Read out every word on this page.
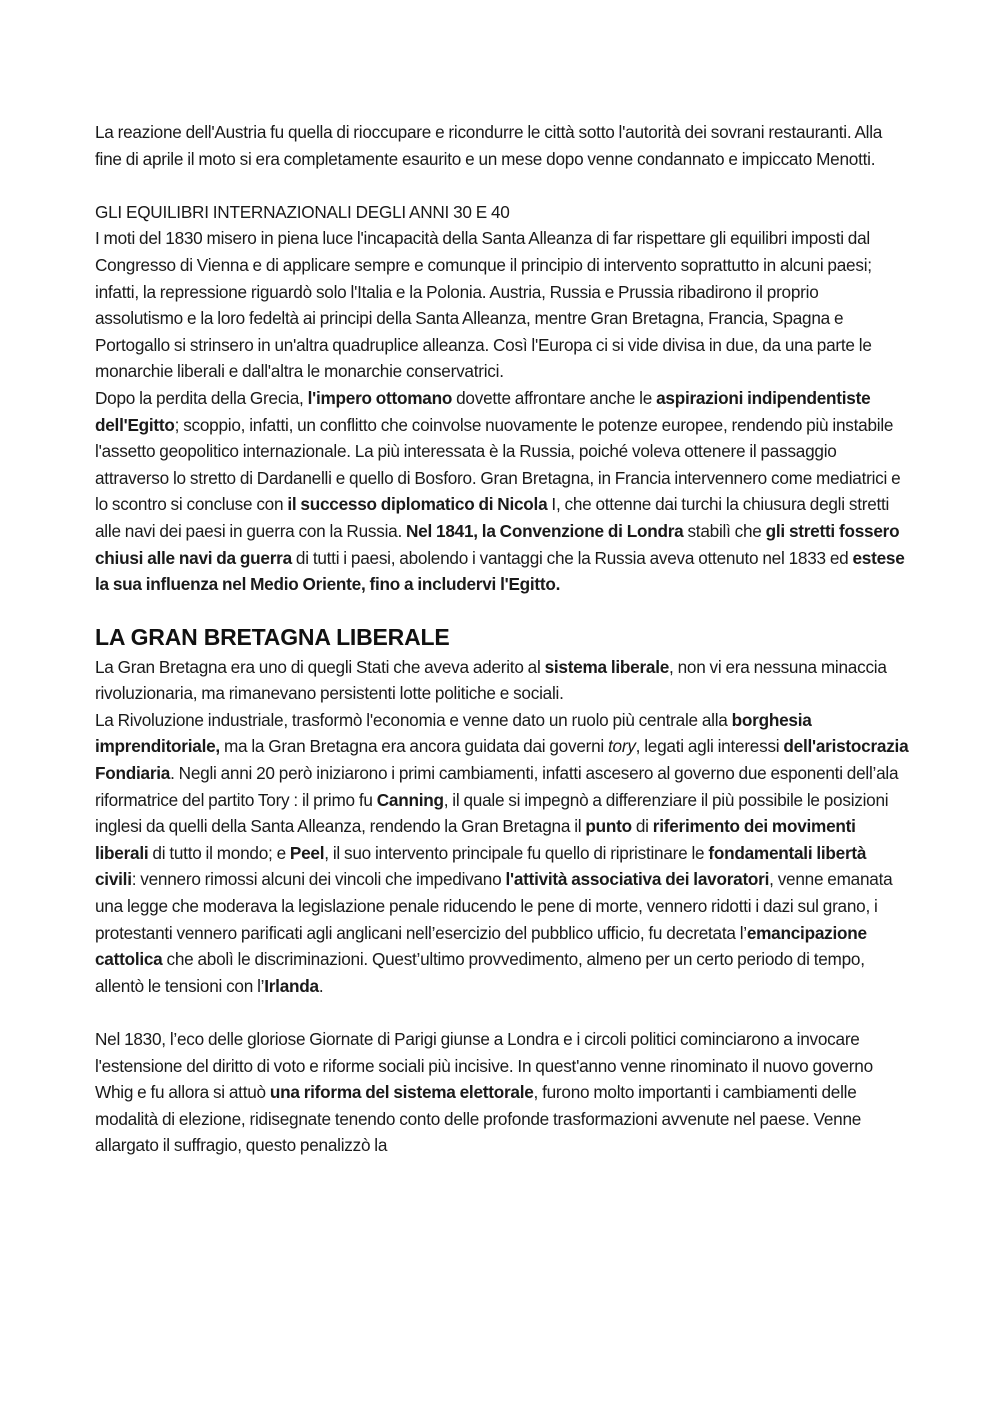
La reazione dell'Austria fu quella di rioccupare e ricondurre le città sotto l'autorità dei sovrani restauranti. Alla fine di aprile il moto si era completamente esaurito e un mese dopo venne condannato e impiccato Menotti.

GLI EQUILIBRI INTERNAZIONALI DEGLI ANNI 30 E 40

I moti del 1830 misero in piena luce l'incapacità della Santa Alleanza di far rispettare gli equilibri imposti dal Congresso di Vienna e di applicare sempre e comunque il principio di intervento soprattutto in alcuni paesi; infatti, la repressione riguardò solo l'Italia e la Polonia. Austria, Russia e Prussia ribadirono il proprio assolutismo e la loro fedeltà ai principi della Santa Alleanza, mentre Gran Bretagna, Francia, Spagna e Portogallo si strinsero in un'altra quadruplice alleanza. Così l'Europa ci si vide divisa in due, da una parte le monarchie liberali e dall'altra le monarchie conservatrici.

Dopo la perdita della Grecia, l'impero ottomano dovette affrontare anche le aspirazioni indipendentiste dell'Egitto; scoppio, infatti, un conflitto che coinvolse nuovamente le potenze europee, rendendo più instabile l'assetto geopolitico internazionale. La più interessata è la Russia, poiché voleva ottenere il passaggio attraverso lo stretto di Dardanelli e quello di Bosforo. Gran Bretagna, in Francia intervennero come mediatrici e lo scontro si concluse con il successo diplomatico di Nicola I, che ottenne dai turchi la chiusura degli stretti alle navi dei paesi in guerra con la Russia. Nel 1841, la Convenzione di Londra stabilì che gli stretti fossero chiusi alle navi da guerra di tutti i paesi, abolendo i vantaggi che la Russia aveva ottenuto nel 1833 ed estese la sua influenza nel Medio Oriente, fino a includervi l'Egitto.

LA GRAN BRETAGNA LIBERALE

La Gran Bretagna era uno di quegli Stati che aveva aderito al sistema liberale, non vi era nessuna minaccia rivoluzionaria, ma rimanevano persistenti lotte politiche e sociali.

La Rivoluzione industriale, trasformò l'economia e venne dato un ruolo più centrale alla borghesia imprenditoriale, ma la Gran Bretagna era ancora guidata dai governi tory, legati agli interessi dell'aristocrazia Fondiaria. Negli anni 20 però iniziarono i primi cambiamenti, infatti ascesero al governo due esponenti dell’ala riformatrice del partito Tory : il primo fu Canning, il quale si impegnò a differenziare il più possibile le posizioni inglesi da quelli della Santa Alleanza, rendendo la Gran Bretagna il punto di riferimento dei movimenti liberali di tutto il mondo; e Peel, il suo intervento principale fu quello di ripristinare le fondamentali libertà civili: vennero rimossi alcuni dei vincoli che impedivano l'attività associativa dei lavoratori, venne emanata una legge che moderava la legislazione penale riducendo le pene di morte, vennero ridotti i dazi sul grano, i protestanti vennero parificati agli anglicani nell’esercizio del pubblico ufficio, fu decretata l’emancipazione cattolica che abolì le discriminazioni. Quest’ultimo provvedimento, almeno per un certo periodo di tempo, allentò le tensioni con l’Irlanda.

Nel 1830, l’eco delle gloriose Giornate di Parigi giunse a Londra e i circoli politici cominciarono a invocare l'estensione del diritto di voto e riforme sociali più incisive. In quest'anno venne rinominato il nuovo governo Whig e fu allora si attuò una riforma del sistema elettorale, furono molto importanti i cambiamenti delle modalità di elezione, ridisegnate tenendo conto delle profonde trasformazioni avvenute nel paese. Venne allargato il suffragio, questo penalizzò la
